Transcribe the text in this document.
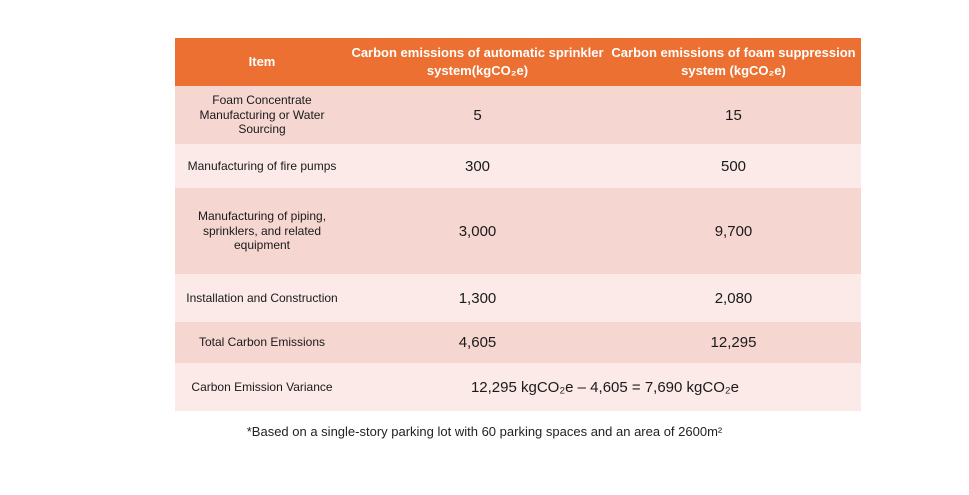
Item	Carbon emissions of automatic sprinkler system(kgCO₂e)	Carbon emissions of foam suppression system (kgCO₂e)
Foam Concentrate Manufacturing or Water Sourcing	5	15
Manufacturing of fire pumps	300	500
Manufacturing of piping, sprinklers, and related equipment	3,000	9,700
Installation and Construction	1,300	2,080
Total Carbon Emissions	4,605	12,295
Carbon Emission Variance	12,295 kgCO₂e – 4,605 = 7,690 kgCO₂e	
*Based on a single-story parking lot with 60 parking spaces and an area of 2600m²
